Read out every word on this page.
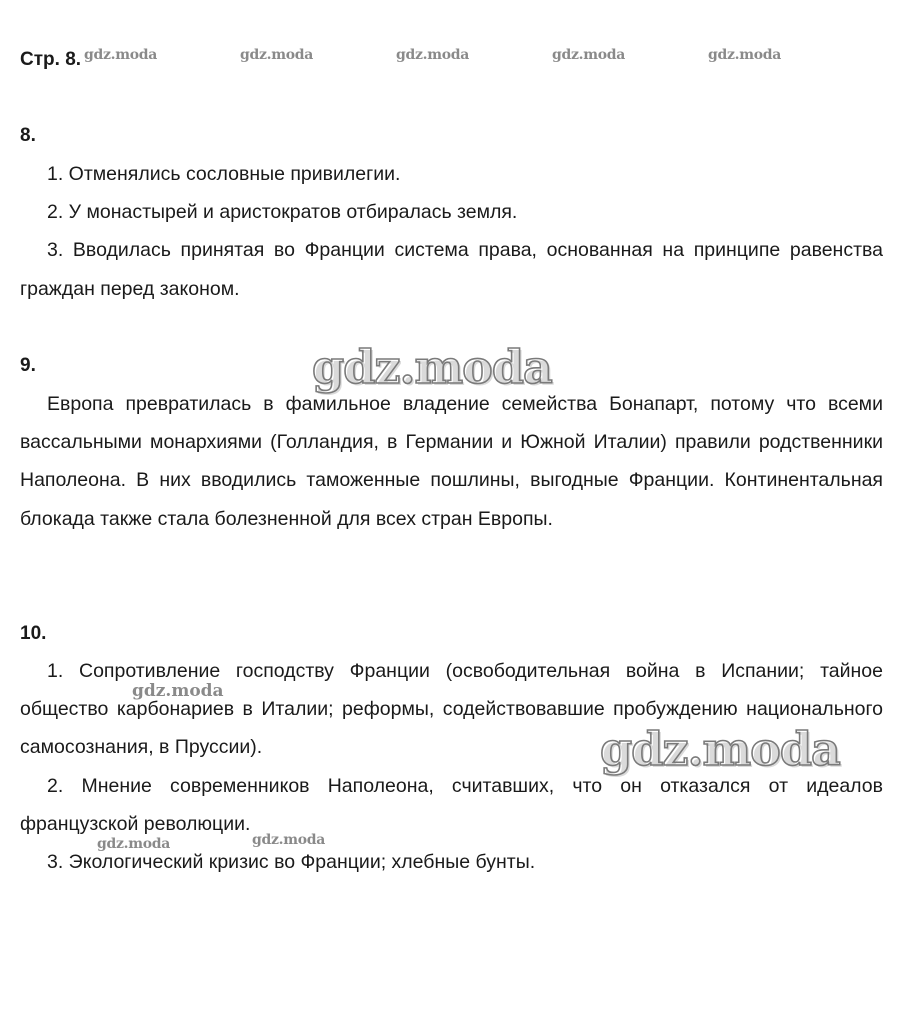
Стр. 8. gdz.moda	gdz.moda	gdz.moda	gdz.moda	gdz.moda
8.

1. Отменялись сословные привилегии.

2. У монастырей и аристократов отбиралась земля.

3. Вводилась принятая во Франции система права, основанная на принципе равенства граждан перед законом.

9.	gdz.moda

Европа превратилась в фамильное владение семейства Бонапарт, потому что всеми вассальными монархиями (Голландия, в Германии и Южной Италии) правили родственники Наполеона. В них вводились таможенные пошлины, выгодные Франции. Континентальная блокада также стала болезненной для всех стран Европы.

10.

1. Сопротивление господству Франции (освободительная война в Испании; тайное общество карбонариев в Италии; реформы, содействовавшие пробуждению национального самосознания, в Пруссии).

2. Мнение современников Наполеона, считавших, что он отказался от идеалов французской революции.

3. Экологический кризис во Франции; хлебные бунты.

gdz.moda
gdz.moda
gdz.moda	gdz.moda
